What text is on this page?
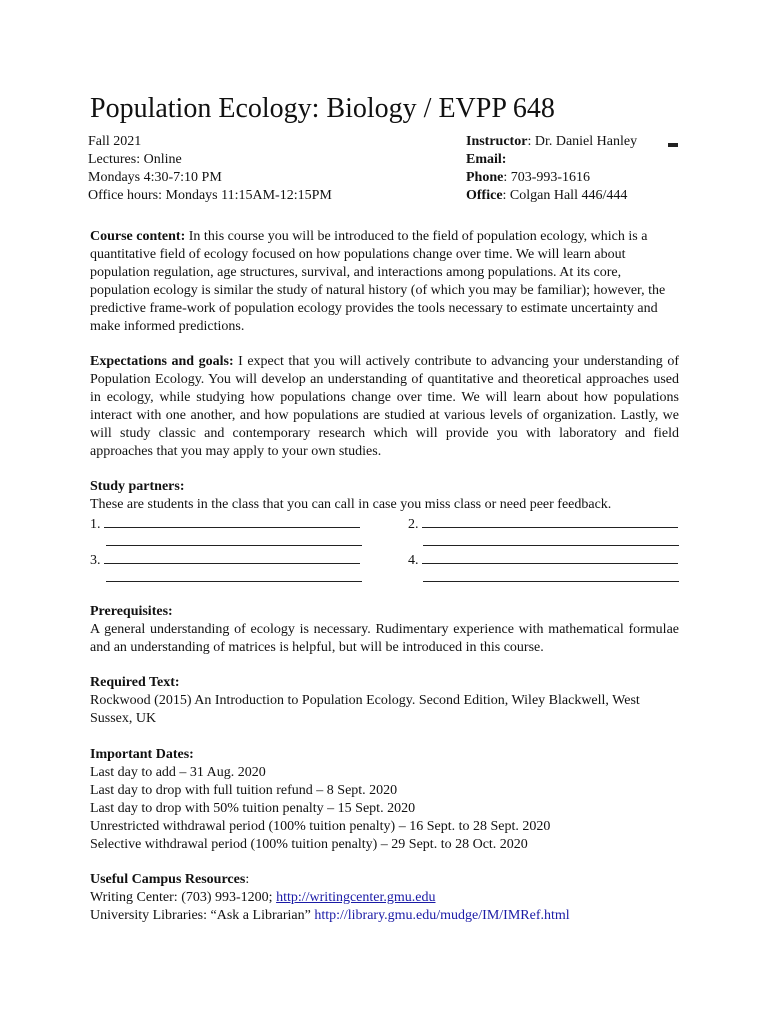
Population Ecology: Biology / EVPP 648
Fall 2021
Lectures: Online
Mondays 4:30-7:10 PM
Office hours: Mondays 11:15AM-12:15PM
Instructor: Dr. Daniel Hanley
Email:
Phone: 703-993-1616
Office: Colgan Hall 446/444
Course content: In this course you will be introduced to the field of population ecology, which is a quantitative field of ecology focused on how populations change over time. We will learn about population regulation, age structures, survival, and interactions among populations. At its core, population ecology is similar the study of natural history (of which you may be familiar); however, the predictive frame-work of population ecology provides the tools necessary to estimate uncertainty and make informed predictions.
Expectations and goals: I expect that you will actively contribute to advancing your understanding of Population Ecology. You will develop an understanding of quantitative and theoretical approaches used in ecology, while studying how populations change over time. We will learn about how populations interact with one another, and how populations are studied at various levels of organization. Lastly, we will study classic and contemporary research which will provide you with laboratory and field approaches that you may apply to your own studies.
Study partners:
These are students in the class that you can call in case you miss class or need peer feedback.
1.	2.
3.	4.
Prerequisites:
A general understanding of ecology is necessary. Rudimentary experience with mathematical formulae and an understanding of matrices is helpful, but will be introduced in this course.
Required Text:
Rockwood (2015) An Introduction to Population Ecology. Second Edition, Wiley Blackwell, West Sussex, UK
Important Dates:
Last day to add – 31 Aug. 2020
Last day to drop with full tuition refund – 8 Sept. 2020
Last day to drop with 50% tuition penalty – 15 Sept. 2020
Unrestricted withdrawal period (100% tuition penalty) – 16 Sept. to 28 Sept. 2020
Selective withdrawal period (100% tuition penalty) – 29 Sept. to 28 Oct. 2020
Useful Campus Resources:
Writing Center: (703) 993-1200; http://writingcenter.gmu.edu
University Libraries: “Ask a Librarian” http://library.gmu.edu/mudge/IM/IMRef.html
